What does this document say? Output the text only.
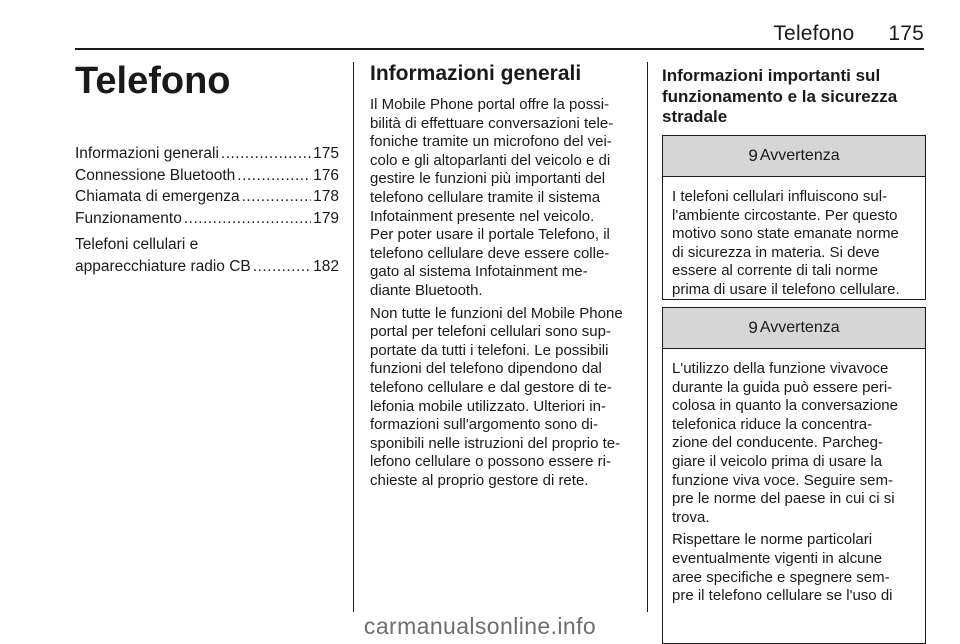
Telefono 175
Telefono
Informazioni generali .....	175
Connessione Bluetooth .....	176
Chiamata di emergenza .....	178
Funzionamento .....	179
Telefoni cellulari e
apparecchiature radio CB .....	182
Informazioni generali

Il Mobile Phone portal offre la possi-
bilità di effettuare conversazioni tele-
foniche tramite un microfono del vei-
colo e gli altoparlanti del veicolo e di
gestire le funzioni più importanti del
telefono cellulare tramite il sistema
Infotainment presente nel veicolo.
Per poter usare il portale Telefono, il
telefono cellulare deve essere colle-
gato al sistema Infotainment me-
diante Bluetooth.

Non tutte le funzioni del Mobile Phone
portal per telefoni cellulari sono sup-
portate da tutti i telefoni. Le possibili
funzioni del telefono dipendono dal
telefono cellulare e dal gestore di te-
lefonia mobile utilizzato. Ulteriori in-
formazioni sull'argomento sono di-
sponibili nelle istruzioni del proprio te-
lefono cellulare o possono essere ri-
chieste al proprio gestore di rete.

Informazioni importanti sul
funzionamento e la sicurezza
stradale
9 Avvertenza

I telefoni cellulari influiscono sul-
l'ambiente circostante. Per questo
motivo sono state emanate norme
di sicurezza in materia. Si deve
essere al corrente di tali norme
prima di usare il telefono cellulare.

9 Avvertenza

L'utilizzo della funzione vivavoce
durante la guida può essere peri-
colosa in quanto la conversazione
telefonica riduce la concentra-
zione del conducente. Parcheg-
giare il veicolo prima di usare la
funzione viva voce. Seguire sem-
pre le norme del paese in cui ci si
trova.

Rispettare le norme particolari
eventualmente vigenti in alcune
aree specifiche e spegnere sem-
pre il telefono cellulare se l'uso di

carmanualsonline.info
